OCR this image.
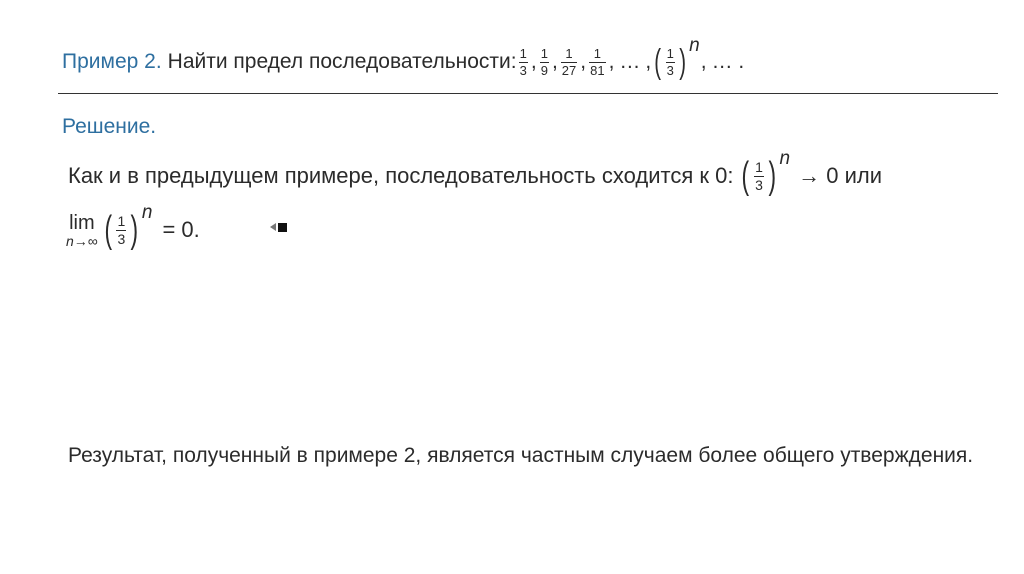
Пример 2. Найти предел последовательности: $\frac{1}{3}$ , $\frac{1}{9}$ , $\frac{1}{27}$ , $\frac{1}{81}$ , … , ( $\frac{1}{3}$ ) n
, … .
Решение.
Как и в предыдущем примере, последовательность сходится к 0: ( $\frac{1}{3}$ ) n
→ 0 или
lim
n→∞ ( $\frac{1}{3}$ ) n
= 0.
Результат, полученный в примере 2, является частным случаем более общего утверждения.
